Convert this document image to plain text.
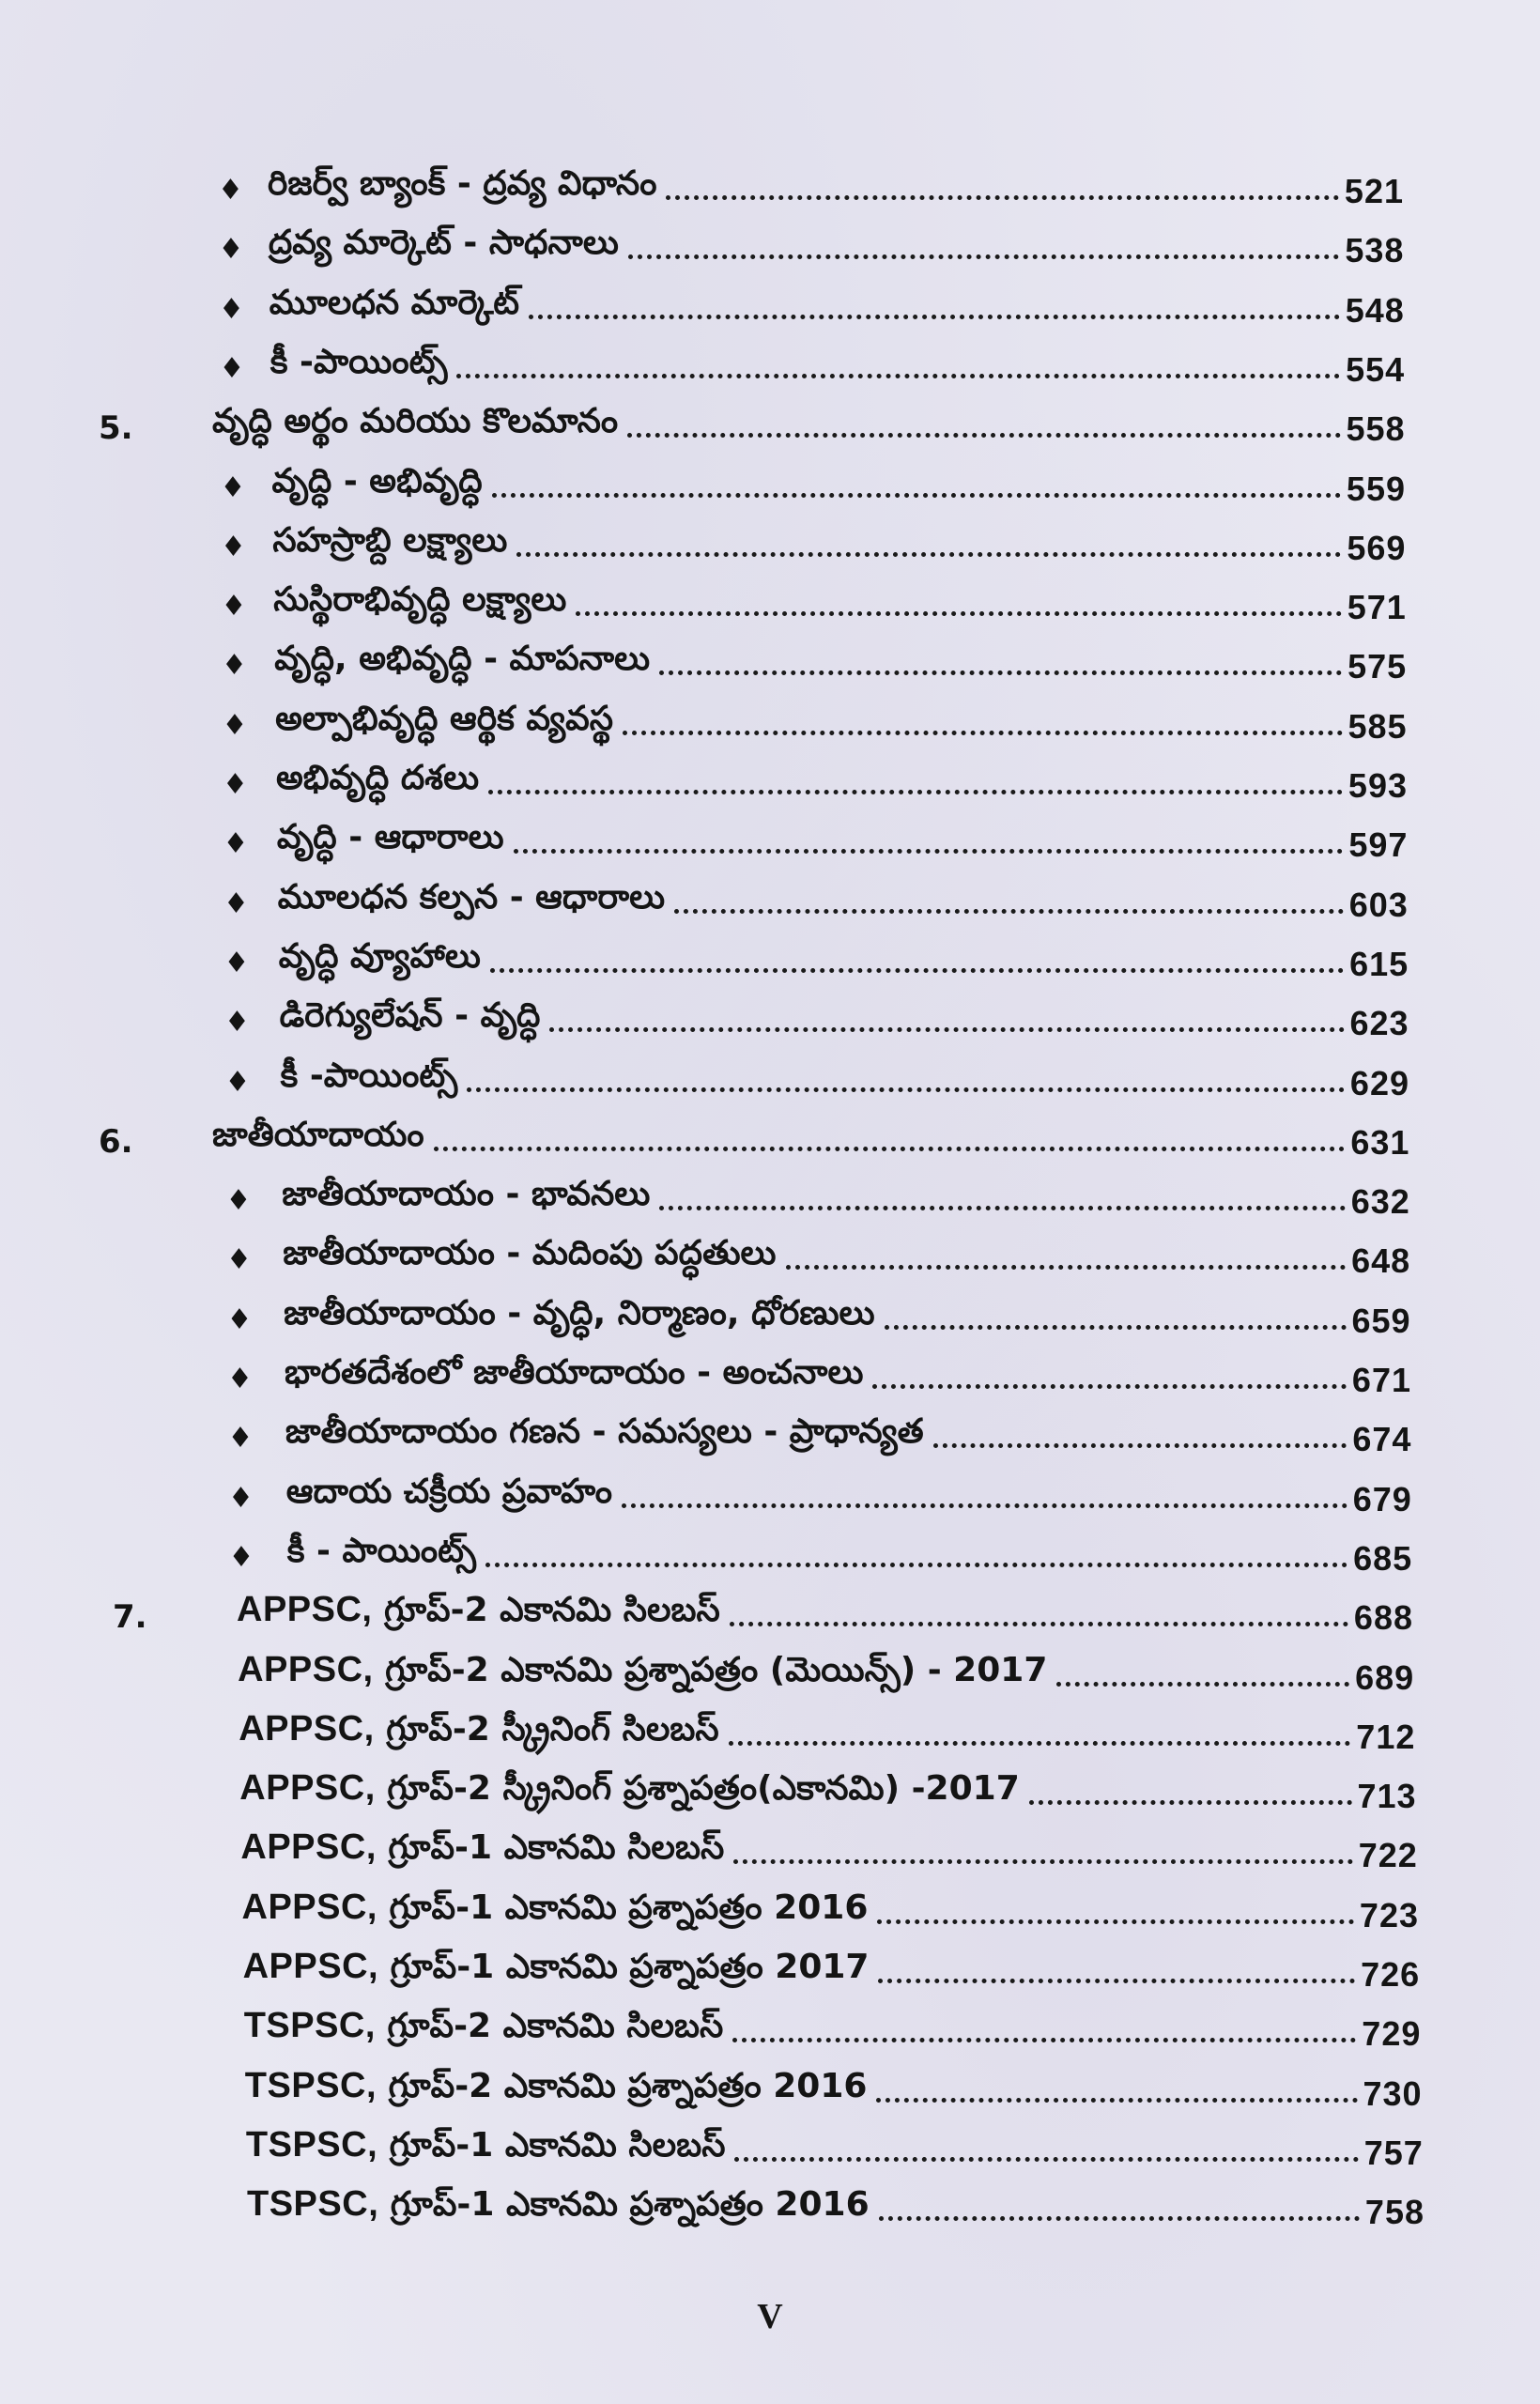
♦ రిజర్వ్ బ్యాంక్ - ద్రవ్య విధానం	521
♦ ద్రవ్య మార్కెట్ - సాధనాలు	538
♦ మూలధన మార్కెట్	548
♦ కీ -పాయింట్స్	554
5. వృద్ధి అర్థం మరియు కొలమానం	558
♦ వృద్ధి - అభివృద్ధి	559
♦ సహస్రాబ్ది లక్ష్యాలు	569
♦ సుస్థిరాభివృద్ధి లక్ష్యాలు	571
♦ వృద్ధి, అభివృద్ధి - మాపనాలు	575
♦ అల్పాభివృద్ధి ఆర్థిక వ్యవస్థ	585
♦ అభివృద్ధి దశలు	593
♦ వృద్ధి - ఆధారాలు	597
♦ మూలధన కల్పన - ఆధారాలు	603
♦ వృద్ధి వ్యూహాలు	615
♦ డిరెగ్యులేషన్ - వృద్ధి	623
♦ కీ -పాయింట్స్	629
6. జాతీయాదాయం	631
♦ జాతీయాదాయం - భావనలు	632
♦ జాతీయాదాయం - మదింపు పద్ధతులు	648
♦ జాతీయాదాయం - వృద్ధి, నిర్మాణం, ధోరణులు	659
♦ భారతదేశంలో జాతీయాదాయం - అంచనాలు	671
♦ జాతీయాదాయం గణన - సమస్యలు - ప్రాధాన్యత	674
♦ ఆదాయ చక్రీయ ప్రవాహం	679
♦ కీ - పాయింట్స్	685
7.	APPSC, గ్రూప్-2 ఎకానమి సిలబస్	688
APPSC, గ్రూప్-2 ఎకానమి ప్రశ్నాపత్రం (మెయిన్స్) - 2017	689
APPSC, గ్రూప్-2 స్క్రీనింగ్ సిలబస్	712
APPSC, గ్రూప్-2 స్క్రీనింగ్ ప్రశ్నాపత్రం(ఎకానమి) -2017	713
APPSC, గ్రూప్-1 ఎకానమి సిలబస్	722
APPSC, గ్రూప్-1 ఎకానమి ప్రశ్నాపత్రం 2016	723
APPSC, గ్రూప్-1 ఎకానమి ప్రశ్నాపత్రం 2017	726
TSPSC, గ్రూప్-2 ఎకానమి సిలబస్	729
TSPSC, గ్రూప్-2 ఎకానమి ప్రశ్నాపత్రం 2016	730
TSPSC, గ్రూప్-1 ఎకానమి సిలబస్	757
TSPSC, గ్రూప్-1 ఎకానమి ప్రశ్నాపత్రం 2016	758
V
